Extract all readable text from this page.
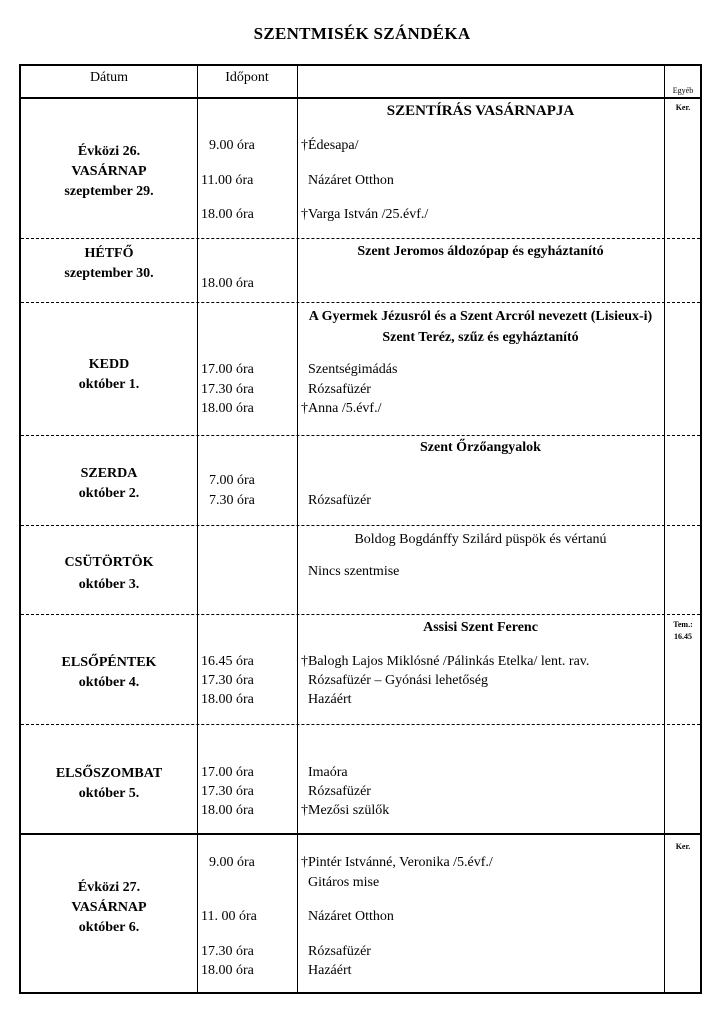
SZENTMISÉK SZÁNDÉKA
Dátum	Időpont
Egyéb
Évközi 26.
VASÁRNAP
szeptember 29.
SZENTÍRÁS VASÁRNAPJA	Ker.
9.00 óra	†Édesapa/
11.00 óra	Názáret Otthon
18.00 óra	†Varga István /25.évf./
HÉTFŐ
szeptember 30.
Szent Jeromos áldozópap és egyháztanító
18.00 óra
KEDD
október 1.
A Gyermek Jézusról és a Szent Arcról nevezett (Lisieux-i) Szent Teréz, szűz és egyháztanító
17.00 óra	Szentségimádás
17.30 óra	Rózsafüzér
18.00 óra	†Anna /5.évf./
SZERDA
október 2.
Szent Őrzőangyalok
7.00 óra
7.30 óra	Rózsafüzér
CSÜTÖRTÖK
október 3.
Boldog Bogdánffy Szilárd püspök és vértanú
Nincs szentmise
ELSŐPÉNTEK
október 4.
Assisi Szent Ferenc	Tem.: 16.45
16.45 óra	†Balogh Lajos Miklósné /Pálinkás Etelka/ lent. rav.
17.30 óra	Rózsafüzér – Gyónási lehetőség
18.00 óra	Hazáért
ELSŐSZOMBAT
október 5.
17.00 óra	Imaóra
17.30 óra	Rózsafüzér
18.00 óra	†Mezősi szülők
Évközi 27.
VASÁRNAP
október 6.
Ker.
9.00 óra	†Pintér Istvánné, Veronika /5.évf./
Gitáros mise
11. 00 óra	Názáret Otthon
17.30 óra	Rózsafüzér
18.00 óra	Hazáért
